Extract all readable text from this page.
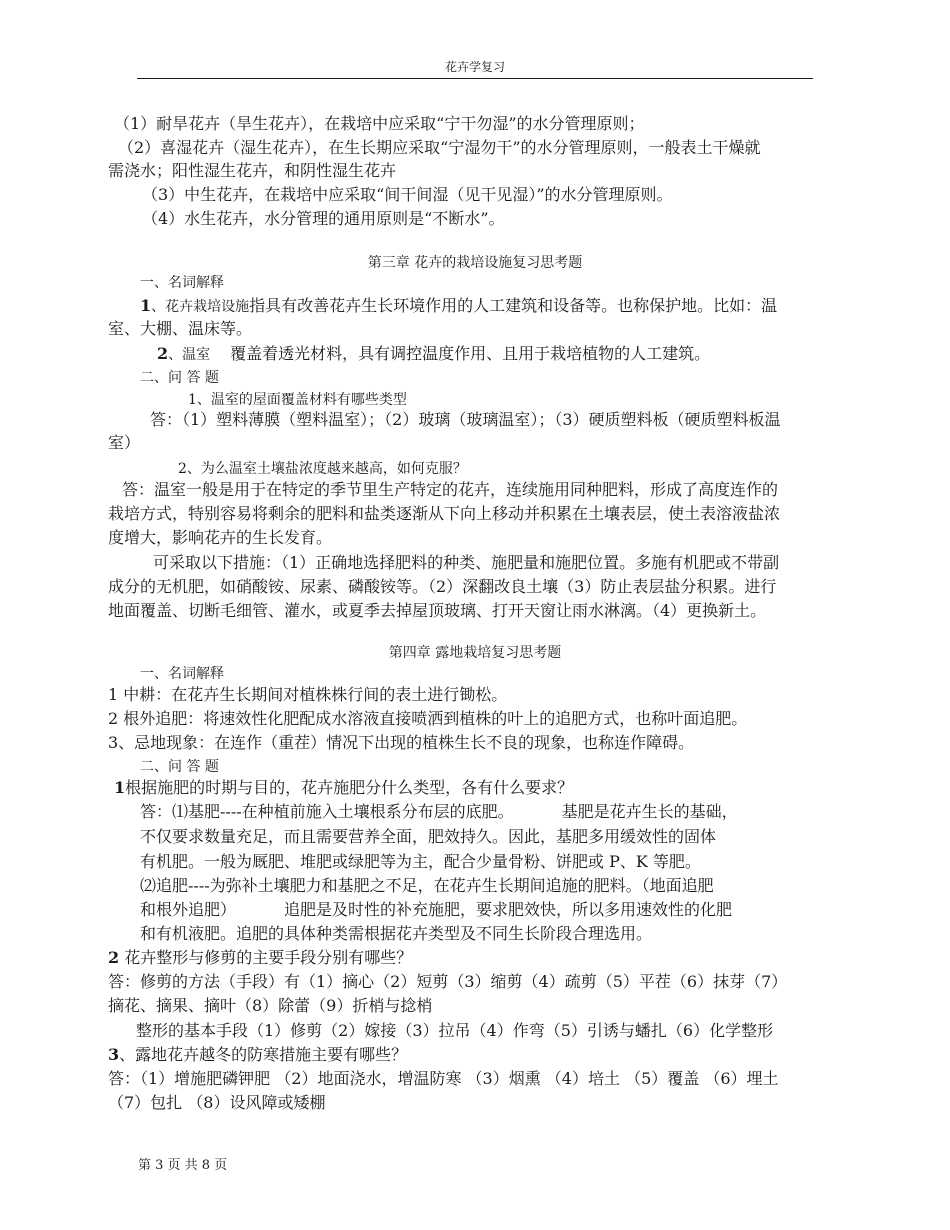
花卉学复习
（1）耐旱花卉（旱生花卉），在栽培中应采取“宁干勿湿”的水分管理原则；
（2）喜湿花卉（湿生花卉），在生长期应采取“宁湿勿干”的水分管理原则，一般表土干燥就
需浇水；阳性湿生花卉，和阴性湿生花卉
（3）中生花卉，在栽培中应采取“间干间湿（见干见湿）”的水分管理原则。
（4）水生花卉，水分管理的通用原则是“不断水”。
第三章 花卉的栽培设施复习思考题
一、名词解释
1、花卉栽培设施指具有改善花卉生长环境作用的人工建筑和设备等。也称保护地。比如：温
室、大棚、温床等。
2、温室 覆盖着透光材料，具有调控温度作用、且用于栽培植物的人工建筑。
二、问 答 题
1、温室的屋面覆盖材料有哪些类型
答：（1）塑料薄膜（塑料温室）；（2）玻璃（玻璃温室）；（3）硬质塑料板（硬质塑料板温
室）
2、为么温室土壤盐浓度越来越高，如何克服？
答：温室一般是用于在特定的季节里生产特定的花卉，连续施用同种肥料，形成了高度连作的
栽培方式，特别容易将剩余的肥料和盐类逐渐从下向上移动并积累在土壤表层，使土表溶液盐浓
度增大，影响花卉的生长发育。
可采取以下措施：（1）正确地选择肥料的种类、施肥量和施肥位置。多施有机肥或不带副
成分的无机肥，如硝酸铵、尿素、磷酸铵等。（2）深翻改良土壤（3）防止表层盐分积累。进行
地面覆盖、切断毛细管、灌水，或夏季去掉屋顶玻璃、打开天窗让雨水淋漓。（4）更换新土。
第四章 露地栽培复习思考题
一、名词解释
1 中耕：在花卉生长期间对植株株行间的表土进行锄松。
2 根外追肥：将速效性化肥配成水溶液直接喷洒到植株的叶上的追肥方式，也称叶面追肥。
3、忌地现象：在连作（重茬）情况下出现的植株生长不良的现象，也称连作障碍。
二、问 答 题
1根据施肥的时期与目的，花卉施肥分什么类型，各有什么要求？
答：⑴基肥----在种植前施入土壤根系分布层的底肥。	基肥是花卉生长的基础，
不仅要求数量充足，而且需要营养全面，肥效持久。因此，基肥多用缓效性的固体
有机肥。一般为厩肥、堆肥或绿肥等为主，配合少量骨粉、饼肥或 P、K 等肥。
⑵追肥----为弥补土壤肥力和基肥之不足，在花卉生长期间追施的肥料。（地面追肥
和根外追肥）	追肥是及时性的补充施肥，要求肥效快，所以多用速效性的化肥
和有机液肥。追肥的具体种类需根据花卉类型及不同生长阶段合理选用。
2 花卉整形与修剪的主要手段分别有哪些？
答：修剪的方法（手段）有（1）摘心（2）短剪（3）缩剪（4）疏剪（5）平茬（6）抹芽（7）
摘花、摘果、摘叶（8）除蕾（9）折梢与捻梢
整形的基本手段（1）修剪（2）嫁接（3）拉吊（4）作弯（5）引诱与蟠扎（6）化学整形
3、露地花卉越冬的防寒措施主要有哪些？
答：（1）增施肥磷钾肥 （2）地面浇水，增温防寒 （3）烟熏 （4）培土 （5）覆盖 （6）埋土
（7）包扎 （8）设风障或矮棚
第 3 页 共 8 页
